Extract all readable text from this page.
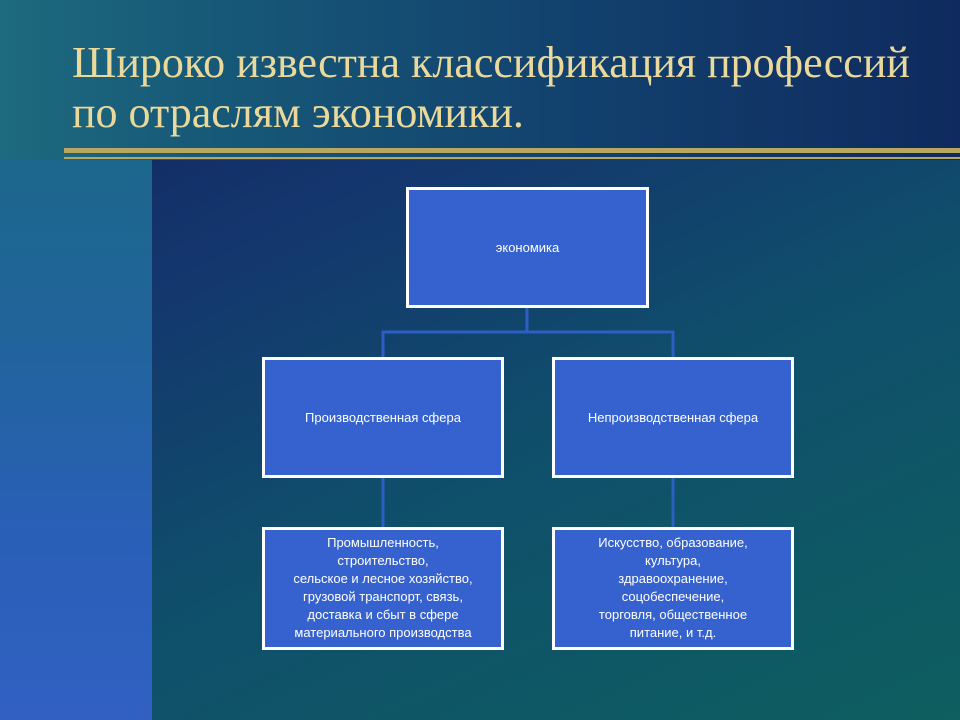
Широко известна классификация профессий по отраслям экономики.
экономика
Производственная сфера	Непроизводственная сфера
Промышленность,
строительство,
сельское и лесное хозяйство,
грузовой транспорт, связь,
доставка и сбыт в сфере
материального производства
Искусство, образование,
культура,
здравоохранение,
соцобеспечение,
торговля, общественное
питание, и т.д.
